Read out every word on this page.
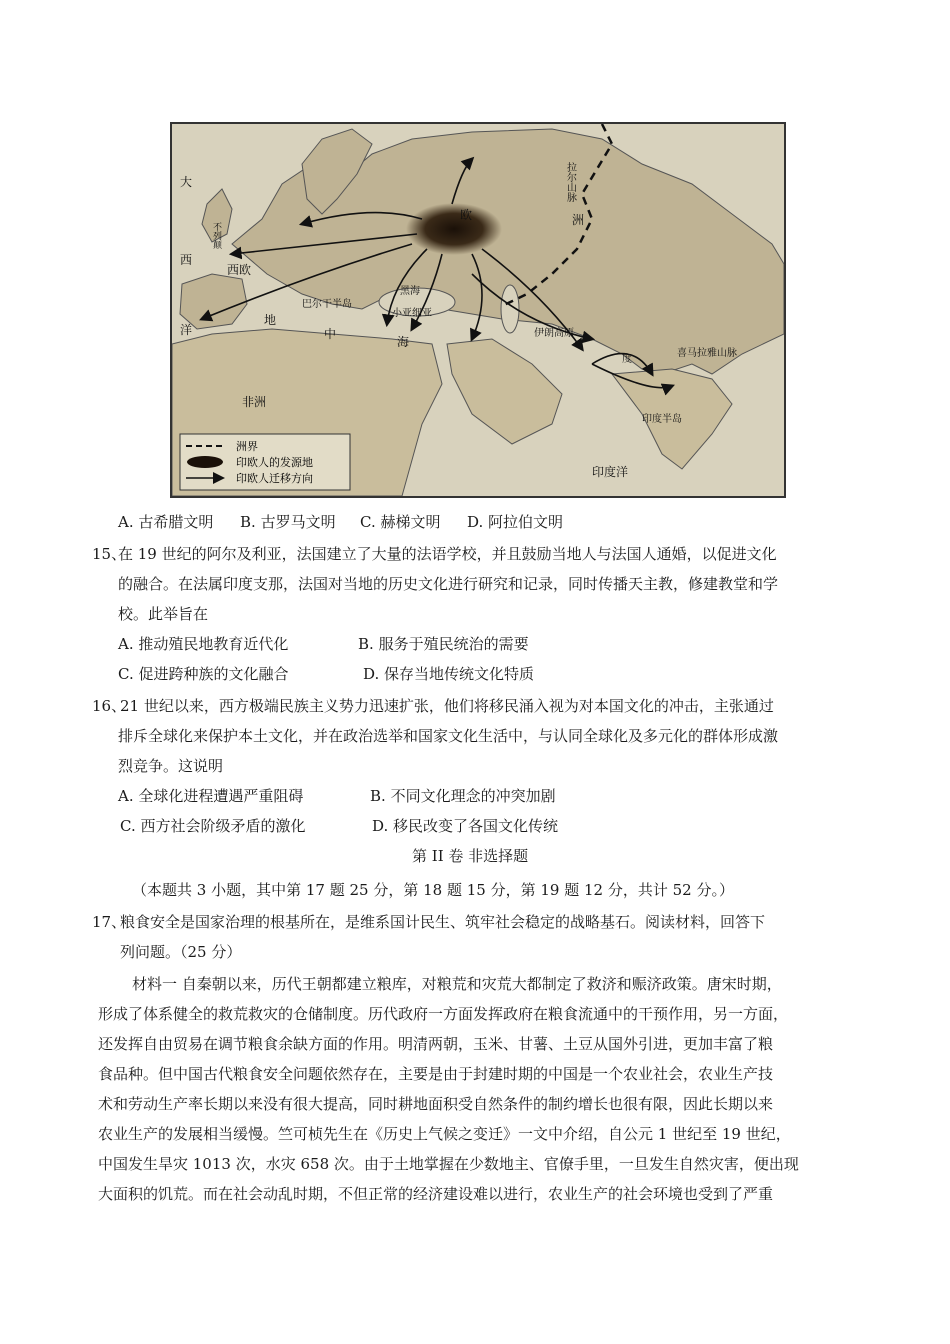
欧	洲
西欧
巴尔干半岛
黑海
小亚细亚
伊朗高原
度
喜马拉雅山脉
印度半岛
非洲
印度洋
拉尔山脉
大
西
洋
不列颠
地
中
海
洲界
印欧人的发源地
印欧人迁移方向
A. 古希腊文明 B. 古罗马文明 C. 赫梯文明 D. 阿拉伯文明
15、
在 19 世纪的阿尔及利亚，法国建立了大量的法语学校，并且鼓励当地人与法国人通婚，以促进文化
的融合。在法属印度支那，法国对当地的历史文化进行研究和记录，同时传播天主教，修建教堂和学
校。此举旨在
A. 推动殖民地教育近代化	B. 服务于殖民统治的需要
C. 促进跨种族的文化融合	D. 保存当地传统文化特质
16、
21 世纪以来，西方极端民族主义势力迅速扩张，他们将移民涌入视为对本国文化的冲击，主张通过
排斥全球化来保护本土文化，并在政治选举和国家文化生活中，与认同全球化及多元化的群体形成激
烈竞争。这说明
A. 全球化进程遭遇严重阻碍	B. 不同文化理念的冲突加剧
C. 西方社会阶级矛盾的激化	D. 移民改变了各国文化传统
第 II 卷 非选择题
（本题共 3 小题，其中第 17 题 25 分，第 18 题 15 分，第 19 题 12 分，共计 52 分。）
17、
粮食安全是国家治理的根基所在，是维系国计民生、筑牢社会稳定的战略基石。阅读材料，回答下
列问题。（25 分）
材料一 自秦朝以来，历代王朝都建立粮库，对粮荒和灾荒大都制定了救济和赈济政策。唐宋时期，
形成了体系健全的救荒救灾的仓储制度。历代政府一方面发挥政府在粮食流通中的干预作用，另一方面，
还发挥自由贸易在调节粮食余缺方面的作用。明清两朝，玉米、甘薯、土豆从国外引进，更加丰富了粮
食品种。但中国古代粮食安全问题依然存在，主要是由于封建时期的中国是一个农业社会，农业生产技
术和劳动生产率长期以来没有很大提高，同时耕地面积受自然条件的制约增长也很有限，因此长期以来
农业生产的发展相当缓慢。竺可桢先生在《历史上气候之变迁》一文中介绍，自公元 1 世纪至 19 世纪，
中国发生旱灾 1013 次，水灾 658 次。由于土地掌握在少数地主、官僚手里，一旦发生自然灾害，便出现
大面积的饥荒。而在社会动乱时期，不但正常的经济建设难以进行，农业生产的社会环境也受到了严重
